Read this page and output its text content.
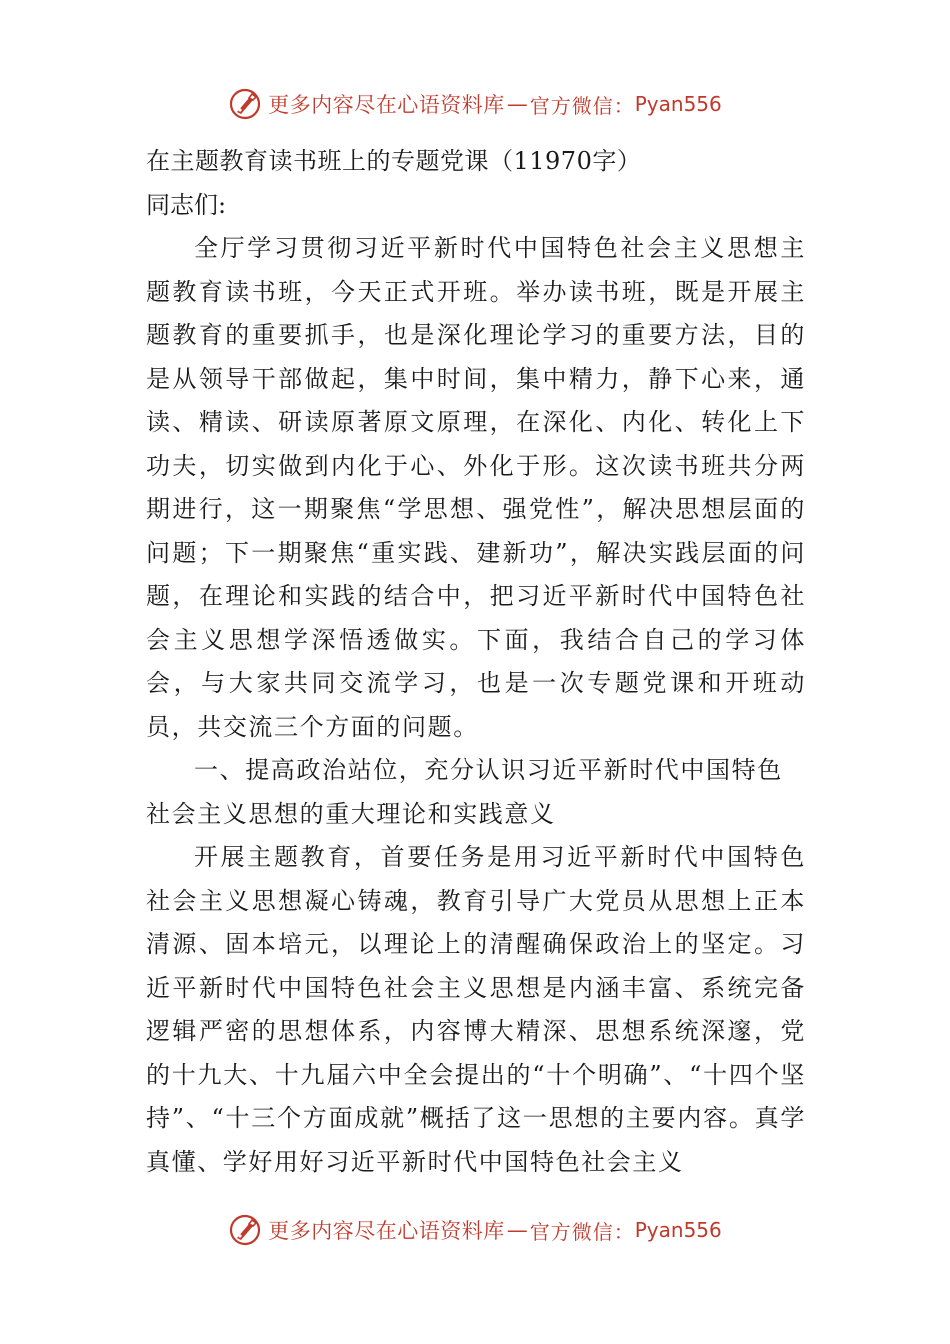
更多内容尽在心语资料库 — 官方微信： Pyan556
在主题教育读书班上的专题党课（11970字）
同志们:

全厅学习贯彻习近平新时代中国特色社会主义思想主题教育读书班，今天正式开班。举办读书班，既是开展主题教育的重要抓手，也是深化理论学习的重要方法，目的是从领导干部做起，集中时间，集中精力，静下心来，通读、精读、研读原著原文原理，在深化、内化、转化上下功夫，切实做到内化于心、外化于形。这次读书班共分两期进行，这一期聚焦“学思想、强党性”，解决思想层面的问题；下一期聚焦“重实践、建新功”，解决实践层面的问题，在理论和实践的结合中，把习近平新时代中国特色社会主义思想学深悟透做实。下面，我结合自己的学习体会，与大家共同交流学习，也是一次专题党课和开班动员，共交流三个方面的问题。

一、提高政治站位，充分认识习近平新时代中国特色社会主义思想的重大理论和实践意义

开展主题教育，首要任务是用习近平新时代中国特色社会主义思想凝心铸魂，教育引导广大党员从思想上正本清源、固本培元，以理论上的清醒确保政治上的坚定。习近平新时代中国特色社会主义思想是内涵丰富、系统完备逻辑严密的思想体系，内容博大精深、思想系统深邃，党的十九大、十九届六中全会提出的“十个明确”、“十四个坚持”、“十三个方面成就”概括了这一思想的主要内容。真学真懂、学好用好习近平新时代中国特色社会主义

更多内容尽在心语资料库 — 官方微信： Pyan556
